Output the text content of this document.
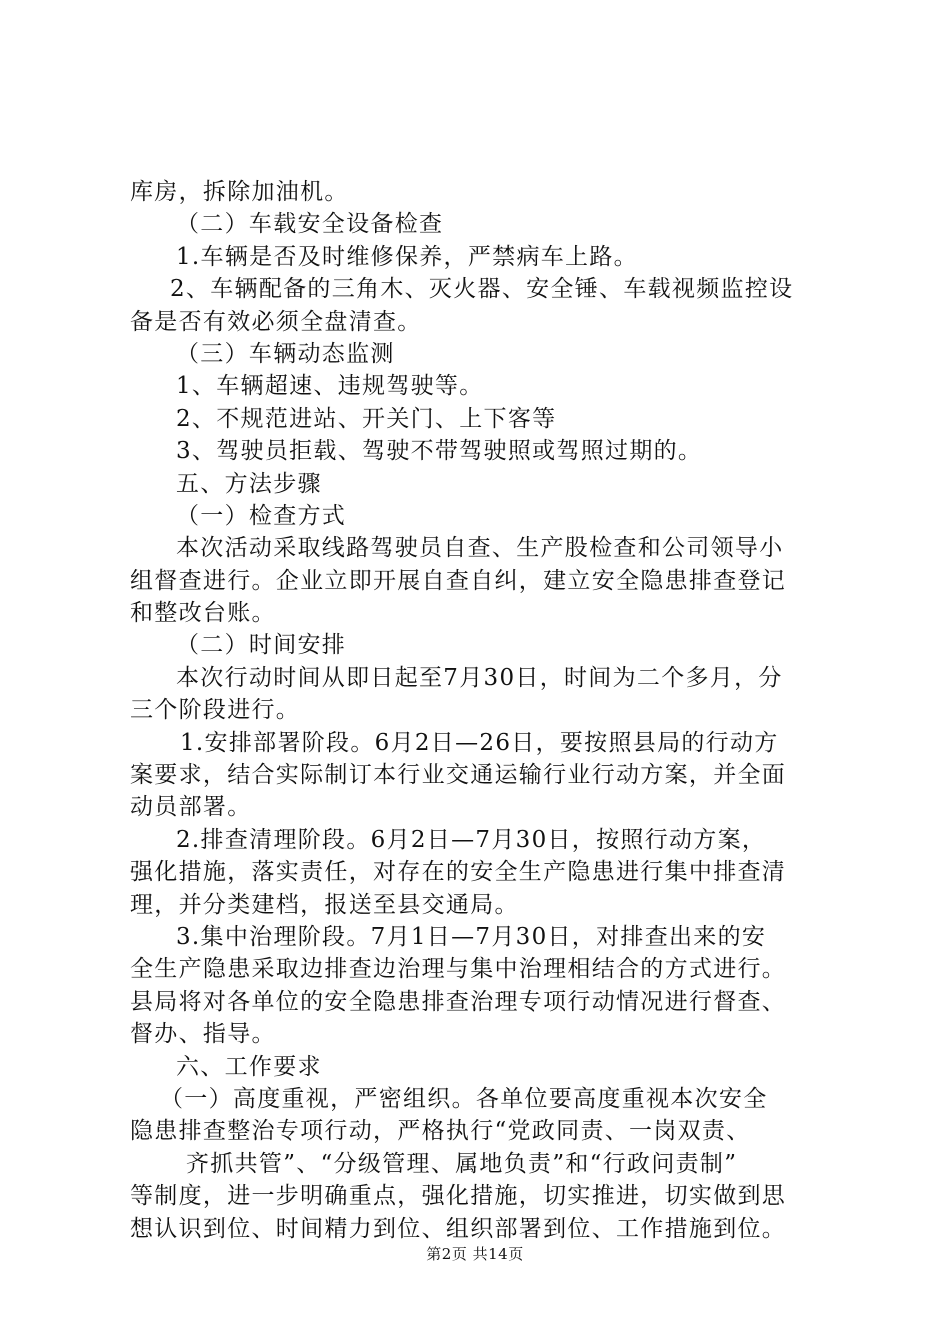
库房，拆除加油机。

（二）车载安全设备检查

1.车辆是否及时维修保养，严禁病车上路。

2、车辆配备的三角木、灭火器、安全锤、车载视频监控设

备是否有效必须全盘清查。

（三）车辆动态监测

1、车辆超速、违规驾驶等。

2、不规范进站、开关门、上下客等

3、驾驶员拒载、驾驶不带驾驶照或驾照过期的。

五、方法步骤

（一）检查方式

本次活动采取线路驾驶员自查、生产股检查和公司领导小

组督查进行。企业立即开展自查自纠，建立安全隐患排查登记

和整改台账。

（二）时间安排

本次行动时间从即日起至7月30日，时间为二个多月，分

三个阶段进行。

1.安排部署阶段。6月2日—26日，要按照县局的行动方

案要求，结合实际制订本行业交通运输行业行动方案，并全面

动员部署。

2.排查清理阶段。6月2日—7月30日，按照行动方案，

强化措施，落实责任，对存在的安全生产隐患进行集中排查清

理，并分类建档，报送至县交通局。

3.集中治理阶段。7月1日—7月30日，对排查出来的安

全生产隐患采取边排查边治理与集中治理相结合的方式进行。

县局将对各单位的安全隐患排查治理专项行动情况进行督查、

督办、指导。

六、工作要求

（一）高度重视，严密组织。各单位要高度重视本次安全

隐患排查整治专项行动，严格执行“党政同责、一岗双责、

齐抓共管”、“分级管理、属地负责”和“行政问责制”

等制度，进一步明确重点，强化措施，切实推进，切实做到思

想认识到位、时间精力到位、组织部署到位、工作措施到位。

第2页 共14页
